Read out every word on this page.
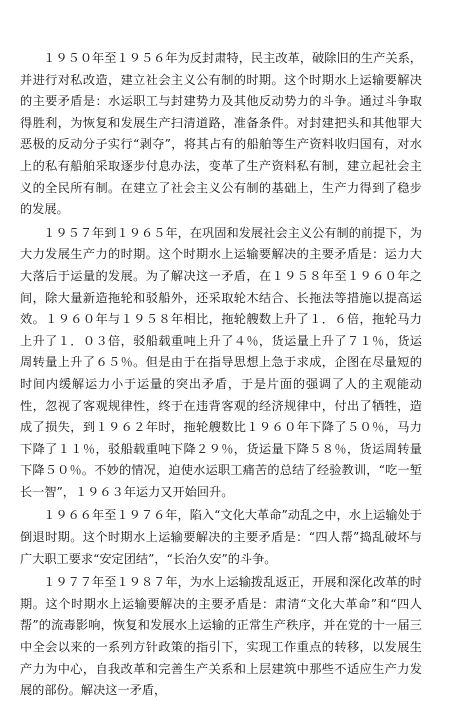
１９５０年至１９５６年为反封肃特，民主改革，破除旧的生产关系，并进行对私改造，建立社会主义公有制的时期。这个时期水上运输要解决的主要矛盾是：水运职工与封建势力及其他反动势力的斗争。通过斗争取得胜利，为恢复和发展生产扫清道路，准备条件。对封建把头和其他罪大恶极的反动分子实行“剥夺”，将其占有的船舶等生产资料收归国有，对水上的私有船舶采取逐步付息办法，变革了生产资料私有制，建立起社会主义的全民所有制。在建立了社会主义公有制的基础上，生产力得到了稳步的发展。

１９５７年到１９６５年，在巩固和发展社会主义公有制的前提下，为大力发展生产力的时期。这个时期水上运输要解决的主要矛盾是：运力大大落后于运量的发展。为了解决这一矛盾，在１９５８年至１９６０年之间，除大量新造拖轮和驳船外，还采取轮木结合、长拖法等措施以提高运效。１９６０年与１９５８年相比，拖轮艘数上升了１．６倍，拖轮马力上升了１．０３倍，驳船载重吨上升了４％，货运量上升了７１％，货运周转量上升了６５％。但是由于在指导思想上急于求成，企图在尽量短的时间内缓解运力小于运量的突出矛盾，于是片面的强调了人的主观能动性，忽视了客观规律性，终于在违背客观的经济规律中，付出了牺牲，造成了损失，到１９６２年时，拖轮艘数比１９６０年下降了５０％，马力下降了１１％，驳船载重吨下降２９％，货运量下降５８％，货运周转量下降５０％。不妙的情况，迫使水运职工痛苦的总结了经验教训，“吃一堑长一智”，１９６３年运力又开始回升。

１９６６年至１９７６年，陷入“文化大革命”动乱之中，水上运输处于倒退时期。这个时期水上运输要解决的主要矛盾是：“四人帮”捣乱破坏与广大职工要求“安定团结”，“长治久安”的斗争。

１９７７年至１９８７年，为水上运输拨乱返正，开展和深化改革的时期。这个时期水上运输要解决的主要矛盾是：肃清“文化大革命”和“四人帮”的流毒影响，恢复和发展水上运输的正常生产秩序，并在党的十一届三中全会以来的一系列方针政策的指引下，实现工作重点的转移，以发展生产力为中心，自我改革和完善生产关系和上层建筑中那些不适应生产力发展的部份。解决这一矛盾，
